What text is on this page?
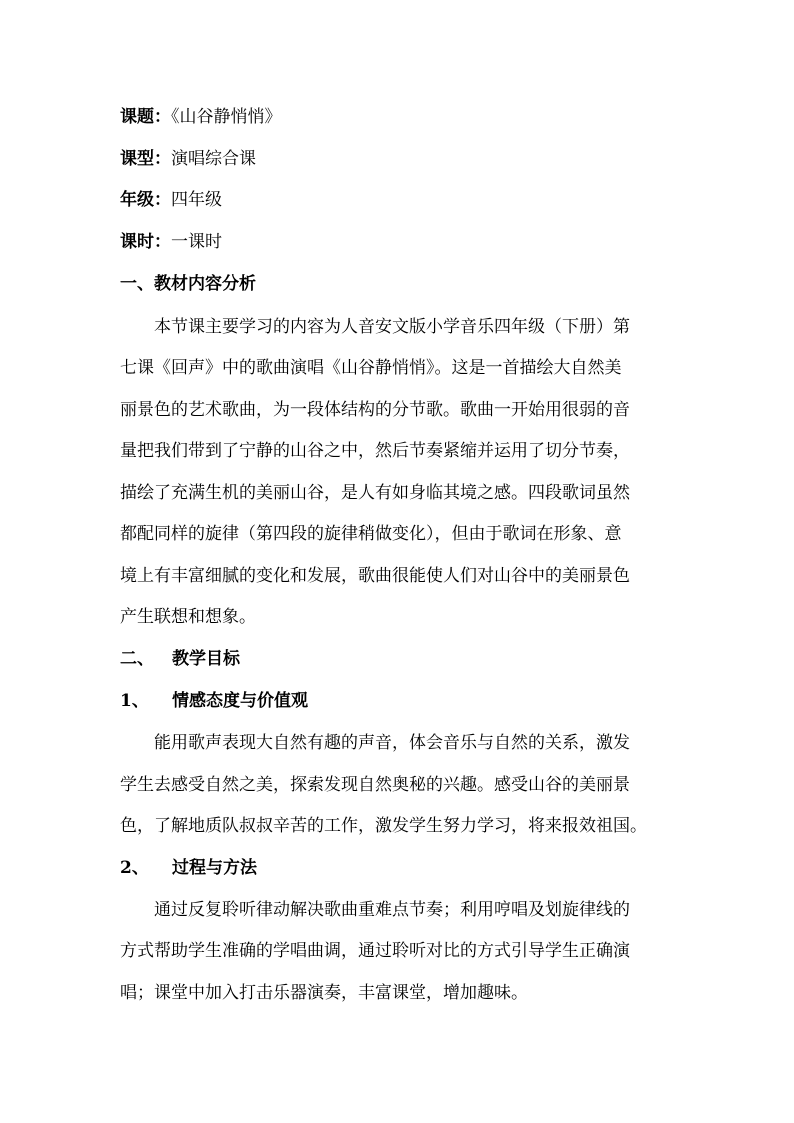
课题：《山谷静悄悄》
课型：演唱综合课
年级：四年级
课时：一课时
一、教材内容分析
本节课主要学习的内容为人音安文版小学音乐四年级（下册）第
七课《回声》中的歌曲演唱《山谷静悄悄》。这是一首描绘大自然美
丽景色的艺术歌曲，为一段体结构的分节歌。歌曲一开始用很弱的音
量把我们带到了宁静的山谷之中，然后节奏紧缩并运用了切分节奏，
描绘了充满生机的美丽山谷，是人有如身临其境之感。四段歌词虽然
都配同样的旋律（第四段的旋律稍做变化），但由于歌词在形象、意
境上有丰富细腻的变化和发展，歌曲很能使人们对山谷中的美丽景色
产生联想和想象。
二、 教学目标
1、 情感态度与价值观
能用歌声表现大自然有趣的声音，体会音乐与自然的关系，激发
学生去感受自然之美，探索发现自然奥秘的兴趣。感受山谷的美丽景
色，了解地质队叔叔辛苦的工作，激发学生努力学习，将来报效祖国。
2、 过程与方法
通过反复聆听律动解决歌曲重难点节奏；利用哼唱及划旋律线的
方式帮助学生准确的学唱曲调，通过聆听对比的方式引导学生正确演
唱；课堂中加入打击乐器演奏，丰富课堂，增加趣味。
